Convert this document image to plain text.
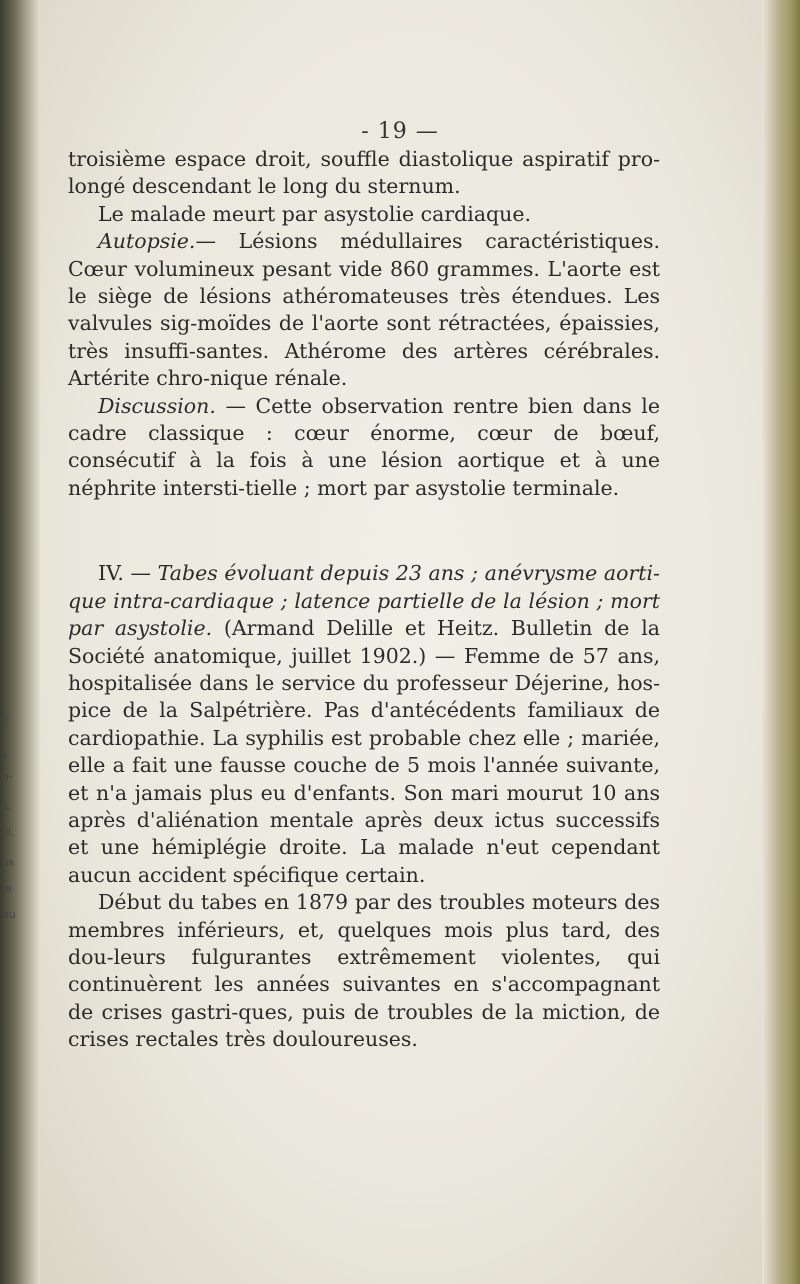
e
s
o-
s.
ill.
os
le
au
- 19 —

troisième espace droit, souffle diastolique aspiratif pro-longé descendant le long du sternum.

Le malade meurt par asystolie cardiaque.

Autopsie.— Lésions médullaires caractéristiques. Cœur volumineux pesant vide 860 grammes. L'aorte est le siège de lésions athéromateuses très étendues. Les valvules sig-moïdes de l'aorte sont rétractées, épaissies, très insuffi-santes. Athérome des artères cérébrales. Artérite chro-nique rénale.

Discussion. — Cette observation rentre bien dans le cadre classique : cœur énorme, cœur de bœuf, consécutif à la fois à une lésion aortique et à une néphrite intersti-tielle ; mort par asystolie terminale.

IV. — Tabes évoluant depuis 23 ans ; anévrysme aorti-que intra-cardiaque ; latence partielle de la lésion ; mort par asystolie. (Armand Delille et Heitz. Bulletin de la Société anatomique, juillet 1902.) — Femme de 57 ans, hospitalisée dans le service du professeur Déjerine, hos-pice de la Salpétrière. Pas d'antécédents familiaux de cardiopathie. La syphilis est probable chez elle ; mariée, elle a fait une fausse couche de 5 mois l'année suivante, et n'a jamais plus eu d'enfants. Son mari mourut 10 ans après d'aliénation mentale après deux ictus successifs et une hémiplégie droite. La malade n'eut cependant aucun accident spécifique certain.

Début du tabes en 1879 par des troubles moteurs des membres inférieurs, et, quelques mois plus tard, des dou-leurs fulgurantes extrêmement violentes, qui continuèrent les années suivantes en s'accompagnant de crises gastri-ques, puis de troubles de la miction, de crises rectales très douloureuses.
